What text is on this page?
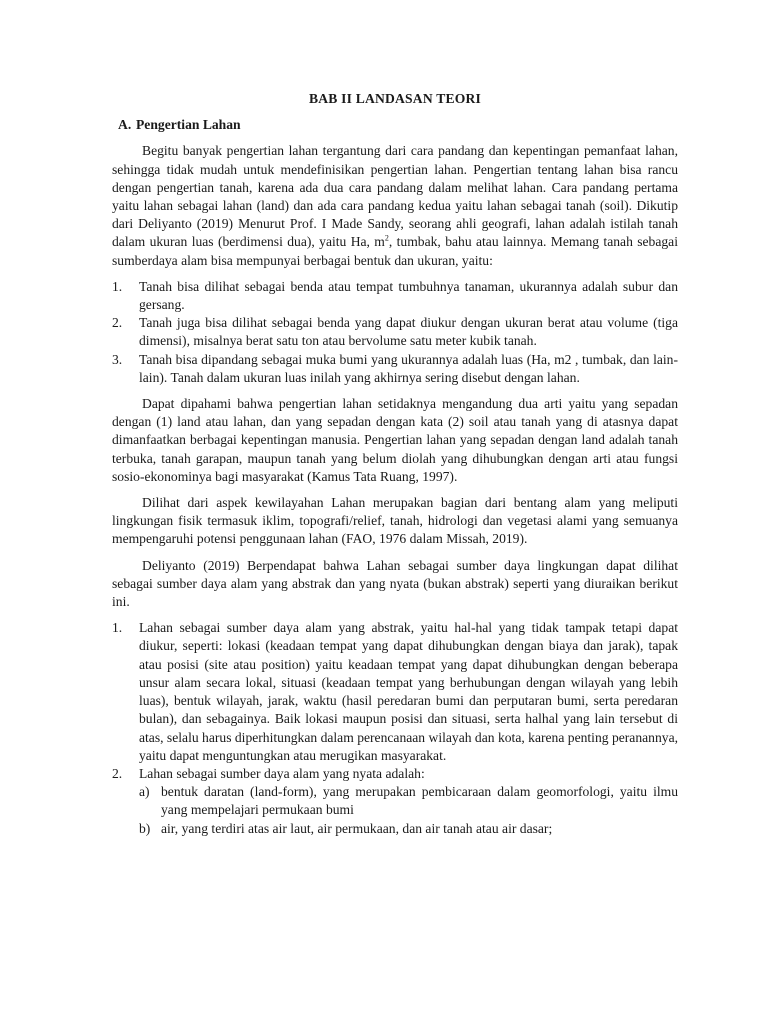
BAB II LANDASAN TEORI
A. Pengertian Lahan

Begitu banyak pengertian lahan tergantung dari cara pandang dan kepentingan pemanfaat lahan, sehingga tidak mudah untuk mendefinisikan pengertian lahan. Pengertian tentang lahan bisa rancu dengan pengertian tanah, karena ada dua cara pandang dalam melihat lahan. Cara pandang pertama yaitu lahan sebagai lahan (land) dan ada cara pandang kedua yaitu lahan sebagai tanah (soil). Dikutip dari Deliyanto (2019) Menurut Prof. I Made Sandy, seorang ahli geografi, lahan adalah istilah tanah dalam ukuran luas (berdimensi dua), yaitu Ha, $m^2$, tumbak, bahu atau lainnya. Memang tanah sebagai sumberdaya alam bisa mempunyai berbagai bentuk dan ukuran, yaitu:

1. Tanah bisa dilihat sebagai benda atau tempat tumbuhnya tanaman, ukurannya adalah subur dan gersang.
2. Tanah juga bisa dilihat sebagai benda yang dapat diukur dengan ukuran berat atau volume (tiga dimensi), misalnya berat satu ton atau bervolume satu meter kubik tanah.
3. Tanah bisa dipandang sebagai muka bumi yang ukurannya adalah luas (Ha, m2 , tumbak, dan lain-lain). Tanah dalam ukuran luas inilah yang akhirnya sering disebut dengan lahan.

Dapat dipahami bahwa pengertian lahan setidaknya mengandung dua arti yaitu yang sepadan dengan (1) land atau lahan, dan yang sepadan dengan kata (2) soil atau tanah yang di atasnya dapat dimanfaatkan berbagai kepentingan manusia. Pengertian lahan yang sepadan dengan land adalah tanah terbuka, tanah garapan, maupun tanah yang belum diolah yang dihubungkan dengan arti atau fungsi sosio-ekonominya bagi masyarakat (Kamus Tata Ruang, 1997).

Dilihat dari aspek kewilayahan Lahan merupakan bagian dari bentang alam yang meliputi lingkungan fisik termasuk iklim, topografi/relief, tanah, hidrologi dan vegetasi alami yang semuanya mempengaruhi potensi penggunaan lahan (FAO, 1976 dalam Missah, 2019).

Deliyanto (2019) Berpendapat bahwa Lahan sebagai sumber daya lingkungan dapat dilihat sebagai sumber daya alam yang abstrak dan yang nyata (bukan abstrak) seperti yang diuraikan berikut ini.

1. Lahan sebagai sumber daya alam yang abstrak, yaitu hal-hal yang tidak tampak tetapi dapat diukur, seperti: lokasi (keadaan tempat yang dapat dihubungkan dengan biaya dan jarak), tapak atau posisi (site atau position) yaitu keadaan tempat yang dapat dihubungkan dengan beberapa unsur alam secara lokal, situasi (keadaan tempat yang berhubungan dengan wilayah yang lebih luas), bentuk wilayah, jarak, waktu (hasil peredaran bumi dan perputaran bumi, serta peredaran bulan), dan sebagainya. Baik lokasi maupun posisi dan situasi, serta halhal yang lain tersebut di atas, selalu harus diperhitungkan dalam perencanaan wilayah dan kota, karena penting peranannya, yaitu dapat menguntungkan atau merugikan masyarakat.
2. Lahan sebagai sumber daya alam yang nyata adalah:
a) bentuk daratan (land-form), yang merupakan pembicaraan dalam geomorfologi, yaitu ilmu yang mempelajari permukaan bumi
b) air, yang terdiri atas air laut, air permukaan, dan air tanah atau air dasar;
